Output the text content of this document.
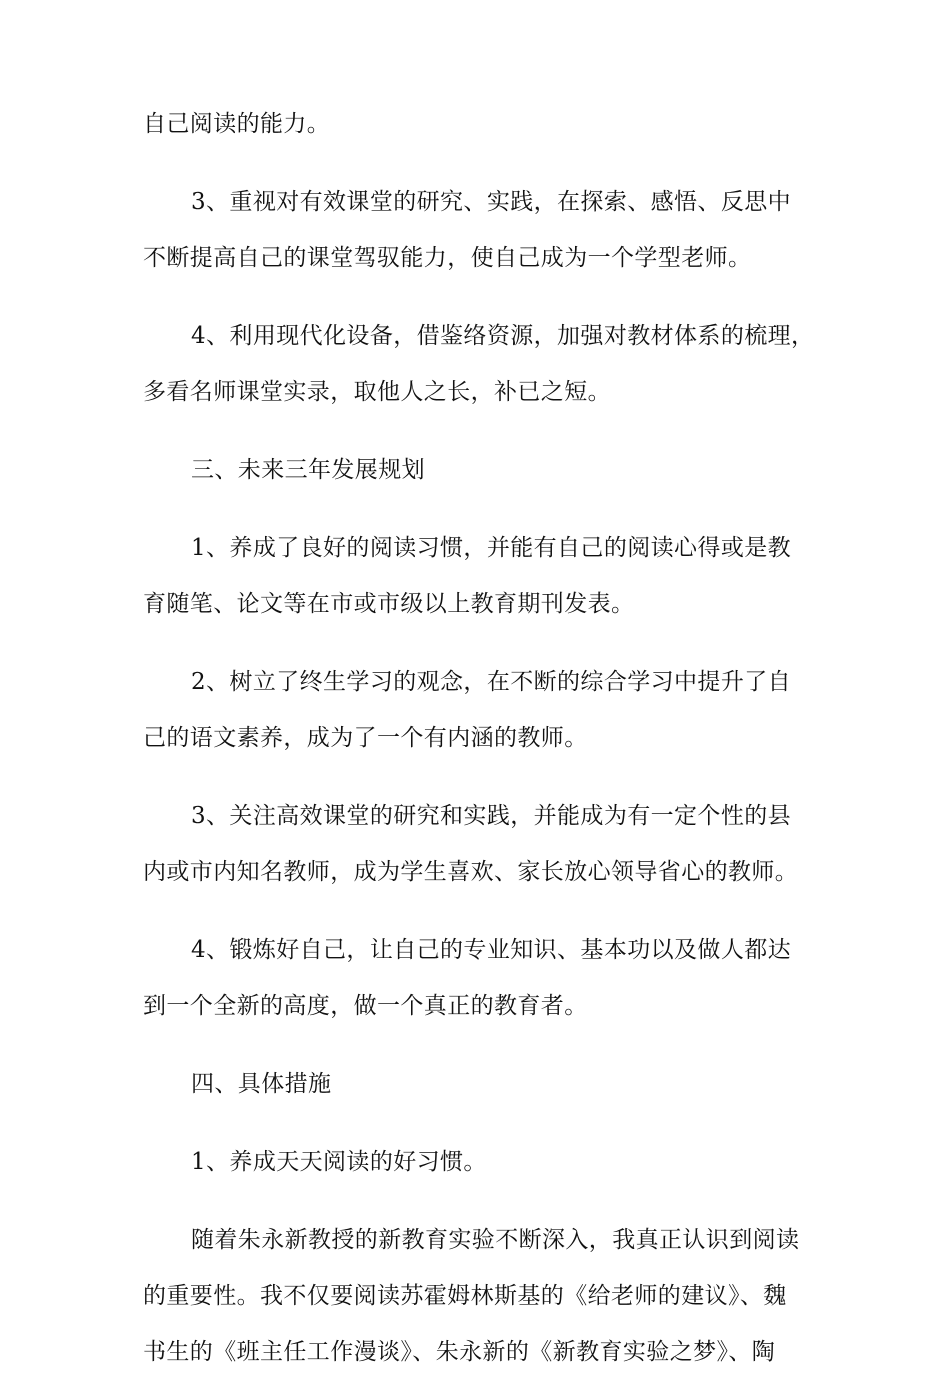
自己阅读的能力。
3、重视对有效课堂的研究、实践，在探索、感悟、反思中
不断提高自己的课堂驾驭能力，使自己成为一个学型老师。
4、利用现代化设备，借鉴络资源，加强对教材体系的梳理，
多看名师课堂实录，取他人之长，补已之短。
三、未来三年发展规划
1、养成了良好的阅读习惯，并能有自己的阅读心得或是教
育随笔、论文等在市或市级以上教育期刊发表。
2、树立了终生学习的观念，在不断的综合学习中提升了自
己的语文素养，成为了一个有内涵的教师。
3、关注高效课堂的研究和实践，并能成为有一定个性的县
内或市内知名教师，成为学生喜欢、家长放心领导省心的教师。
4、锻炼好自己，让自己的专业知识、基本功以及做人都达
到一个全新的高度，做一个真正的教育者。
四、具体措施
1、养成天天阅读的好习惯。
随着朱永新教授的新教育实验不断深入，我真正认识到阅读
的重要性。我不仅要阅读苏霍姆林斯基的《给老师的建议》、魏
书生的《班主任工作漫谈》、朱永新的《新教育实验之梦》、陶
